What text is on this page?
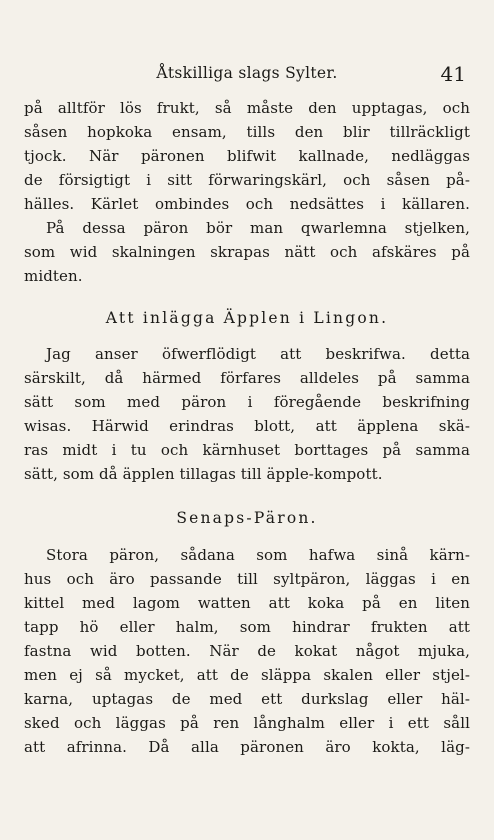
Åtskilliga slags Sylter.	41
på alltför lös frukt, så måste den upptagas, och
såsen hopkoka ensam, tills den blir tillräckligt
tjock. När päronen blifwit kallnade, nedläggas
de försigtigt i sitt förwaringskärl, och såsen på-
hälles. Kärlet ombindes och nedsättes i källaren.
På dessa päron bör man qwarlemna stjelken,
som wid skalningen skrapas nätt och afskäres på
midten.
Att inlägga Äpplen i Lingon.
Jag anser öfwerflödigt att beskrifwa. detta
särskilt, då härmed förfares alldeles på samma
sätt som med päron i föregående beskrifning
wisas. Härwid erindras blott, att äpplena skä-
ras midt i tu och kärnhuset borttages på samma
sätt, som då äpplen tillagas till äpple-kompott.
Senaps-Päron.
Stora päron, sådana som hafwa sinå kärn-
hus och äro passande till syltpäron, läggas i en
kittel med lagom watten att koka på en liten
tapp hö eller halm, som hindrar frukten att
fastna wid botten. När de kokat något mjuka,
men ej så mycket, att de släppa skalen eller stjel-
karna, uptagas de med ett durkslag eller häl-
sked och läggas på ren långhalm eller i ett såll
att afrinna. Då alla päronen äro kokta, läg-
